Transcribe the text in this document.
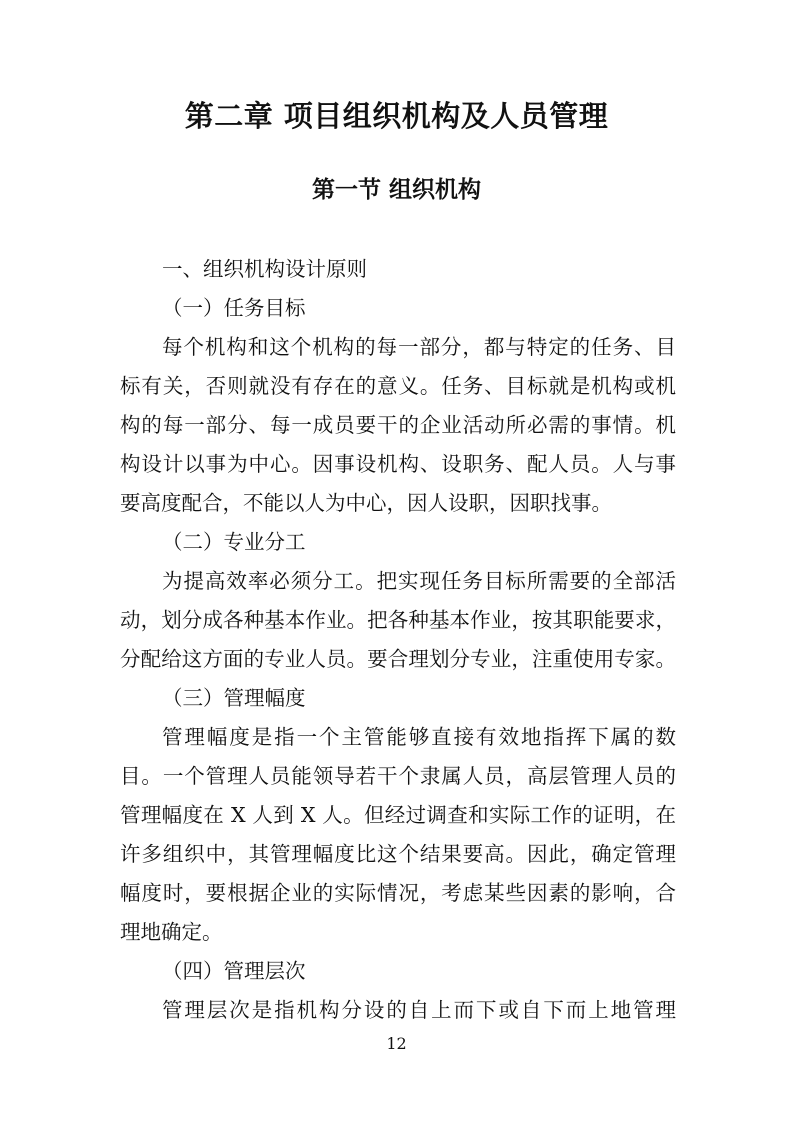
第二章 项目组织机构及人员管理
第一节 组织机构
一、组织机构设计原则
（一）任务目标
每个机构和这个机构的每一部分，都与特定的任务、目
标有关，否则就没有存在的意义。任务、目标就是机构或机
构的每一部分、每一成员要干的企业活动所必需的事情。机
构设计以事为中心。因事设机构、设职务、配人员。人与事
要高度配合，不能以人为中心，因人设职，因职找事。
（二）专业分工
为提高效率必须分工。把实现任务目标所需要的全部活
动，划分成各种基本作业。把各种基本作业，按其职能要求，
分配给这方面的专业人员。要合理划分专业，注重使用专家。
（三）管理幅度
管理幅度是指一个主管能够直接有效地指挥下属的数
目。一个管理人员能领导若干个隶属人员，高层管理人员的
管理幅度在 X 人到 X 人。但经过调查和实际工作的证明，在
许多组织中，其管理幅度比这个结果要高。因此，确定管理
幅度时，要根据企业的实际情况，考虑某些因素的影响，合
理地确定。
（四）管理层次
管理层次是指机构分设的自上而下或自下而上地管理
12
